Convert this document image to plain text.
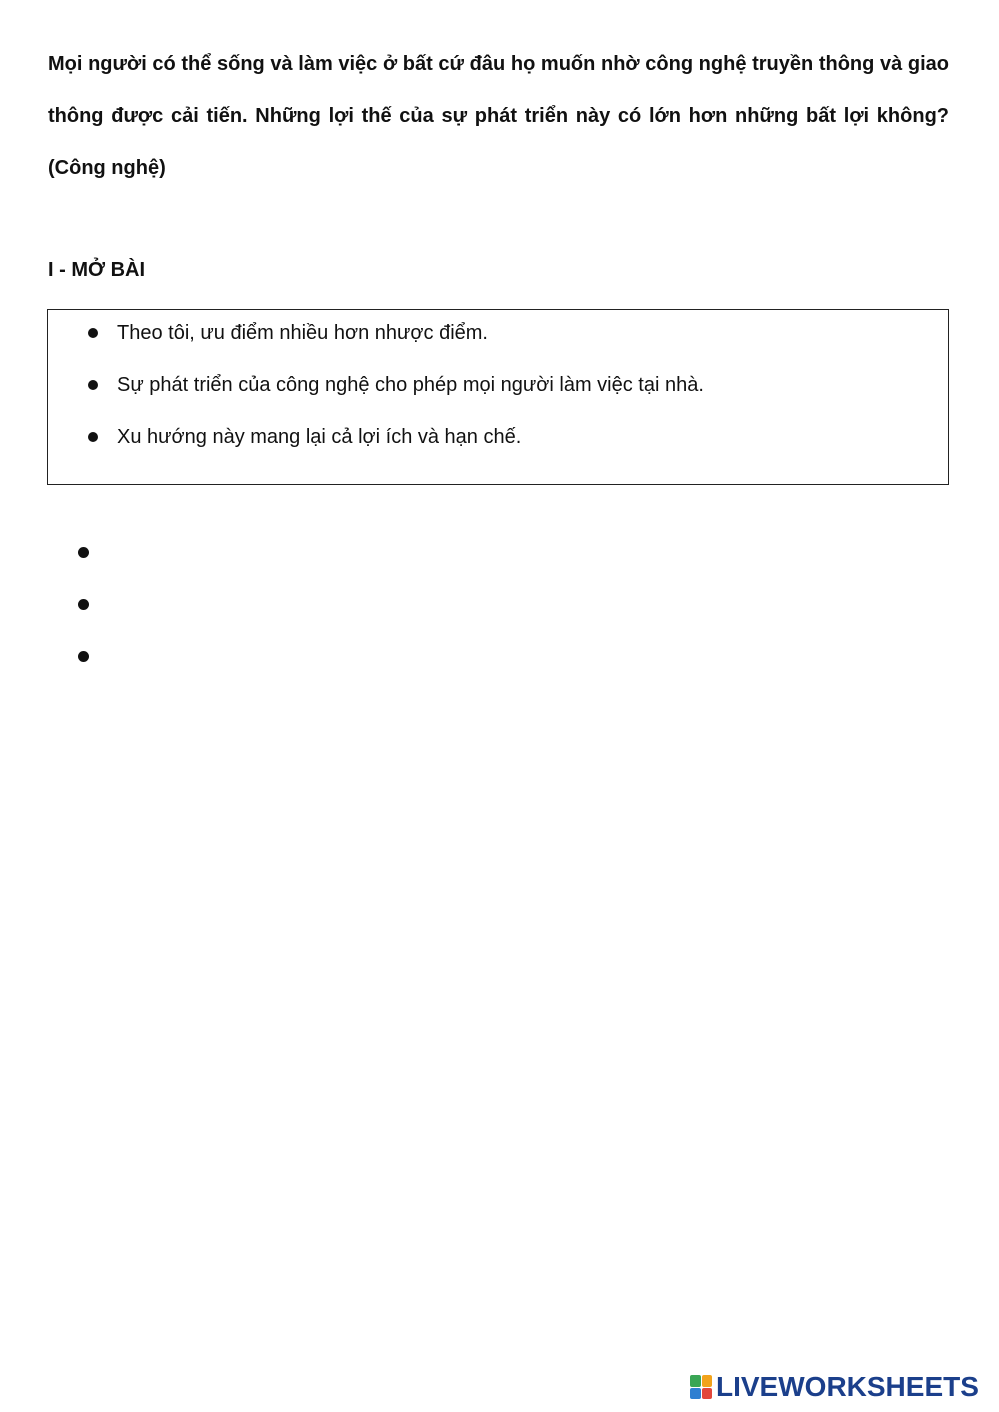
Mọi người có thể sống và làm việc ở bất cứ đâu họ muốn nhờ công nghệ truyền thông và giao thông được cải tiến. Những lợi thế của sự phát triển này có lớn hơn những bất lợi không? (Công nghệ)

I - MỞ BÀI
Theo tôi, ưu điểm nhiều hơn nhược điểm.
Sự phát triển của công nghệ cho phép mọi người làm việc tại nhà.
Xu hướng này mang lại cả lợi ích và hạn chế.
LIVEWORKSHEETS
